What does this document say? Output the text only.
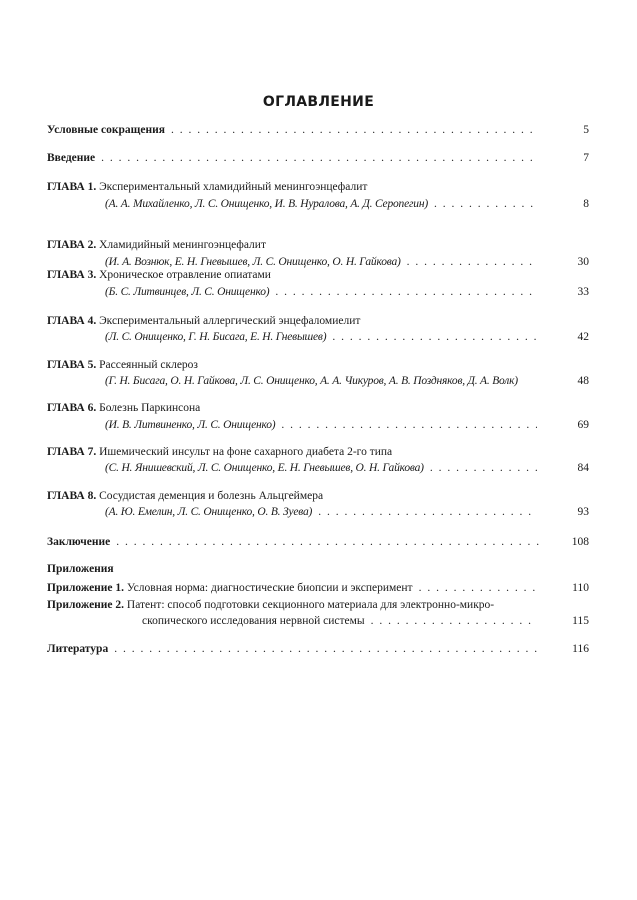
ОГЛАВЛЕНИЕ
Условные сокращения . . .	5
Введение . . .	7
ГЛАВА 1.
Экспериментальный хламидийный менингоэнцефалит
(А. А. Михайленко, Л. С. Онищенко, И. В. Нуралова, А. Д. Серопегин) . . .	8
ГЛАВА 2.
Хламидийный менингоэнцефалит
(И. А. Вознюк, Е. Н. Гневышев, Л. С. Онищенко, О. Н. Гайкова) . . .	30
ГЛАВА 3.
Хроническое отравление опиатами
(Б. С. Литвинцев, Л. С. Онищенко) . . .	33
ГЛАВА 4.
Экспериментальный аллергический энцефаломиелит
(Л. С. Онищенко, Г. Н. Бисага, Е. Н. Гневышев) . . .	42
ГЛАВА 5.
Рассеянный склероз
(Г. Н. Бисага, О. Н. Гайкова, Л. С. Онищенко, А. А. Чикуров, А. В. Поздняков, Д. А. Волк)	48
ГЛАВА 6.
Болезнь Паркинсона
(И. В. Литвиненко, Л. С. Онищенко) . . .	69
ГЛАВА 7.
Ишемический инсульт на фоне сахарного диабета 2-го типа
(С. Н. Янишевский, Л. С. Онищенко, Е. Н. Гневышев, О. Н. Гайкова) . . .	84
ГЛАВА 8.
Сосудистая деменция и болезнь Альцгеймера
(А. Ю. Емелин, Л. С. Онищенко, О. В. Зуева) . . .	93
Заключение . . .	108
Приложения
Приложение 1.
Условная норма: диагностические биопсии и эксперимент . . .	110
Приложение 2.
Патент: способ подготовки секционного материала для электронно-микро-
скопического исследования нервной системы . . .	115
Литература . . .	116
